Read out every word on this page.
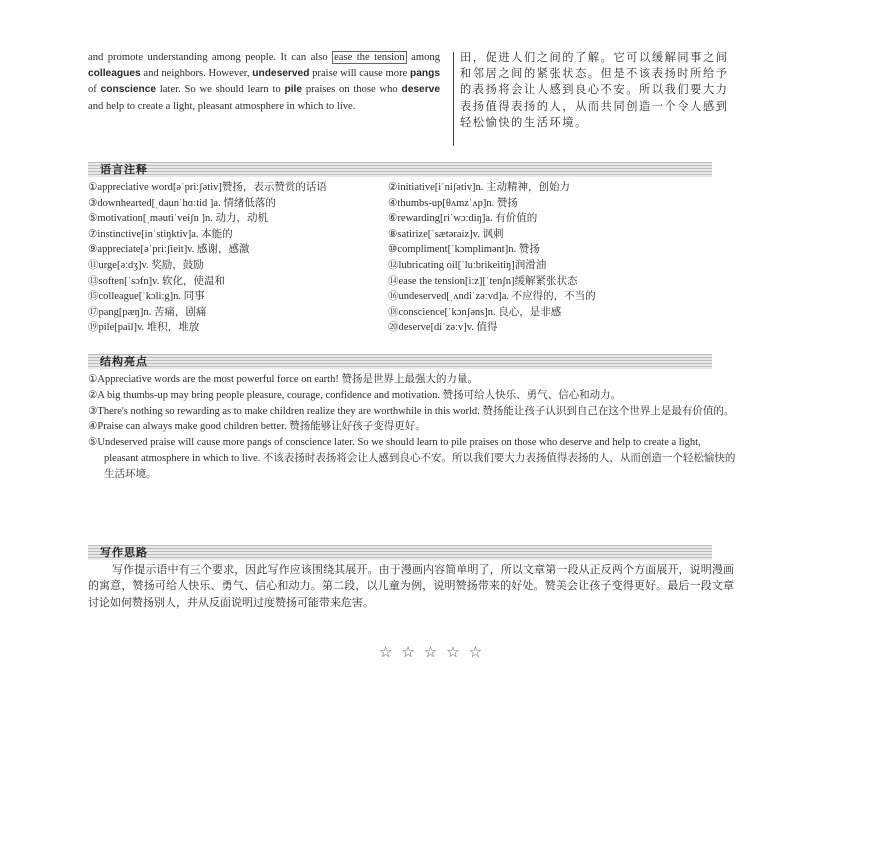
and promote understanding among people. It can also ease the tension among colleagues and neighbors. However, undeserved praise will cause more pangs of conscience later. So we should learn to pile praises on those who deserve and help to create a light, pleasant atmosphere in which to live.

田，促进人们之间的了解。它可以缓解同事之间和邻居之间的紧张状态。但是不该表扬时所给予的表扬将会让人感到良心不安。所以我们要大力表扬值得表扬的人，从而共同创造一个令人感到轻松愉快的生活环境。
语言注释
①appreciative word[əˈpriːʃətiv]赞扬，表示赞赏的话语	②initiative[iˈniʃətiv]n. 主动精神，创始力
③downhearted[ˌdaunˈhɑːtid ]a. 情绪低落的	④thumbs-up[θʌmzˈʌp]n. 赞扬
⑤motivation[ˌməutiˈveiʃn ]n. 动力，动机	⑥rewarding[riˈwɔːdiŋ]a. 有价值的
⑦instinctive[inˈstiŋktiv]a. 本能的	⑧satirize[ˈsætəraiz]v. 讽刺
⑨appreciate[əˈpriːʃieit]v. 感谢，感激	⑩compliment[ˈkɔmplimənt]n. 赞扬
⑪urge[əːdʒ]v. 奖励，鼓励	⑫lubricating oil[ˈluːbrikeitiŋ]润滑油
⑬soften[ˈsɔfn]v. 软化，使温和	⑭ease the tension[iːz][ˈtenʃn]缓解紧张状态
⑮colleague[ˈkɔliːg]n. 同事	⑯undeserved[ˌʌndiˈzəːvd]a. 不应得的，不当的
⑰pang[pæŋ]n. 苦痛，剧痛	⑱conscience[ˈkɔnʃəns]n. 良心，是非感
⑲pile[pail]v. 堆积，堆放	⑳deserve[diˈzəːv]v. 值得
结构亮点

①Appreciative words are the most powerful force on earth! 赞扬是世界上最强大的力量。

②A big thumbs-up may bring people pleasure, courage, confidence and motivation. 赞扬可给人快乐、勇气、信心和动力。

③There's nothing so rewarding as to make children realize they are worthwhile in this world. 赞扬能让孩子认识到自己在这个世界上是最有价值的。

④Praise can always make good children better. 赞扬能够让好孩子变得更好。

⑤Undeserved praise will cause more pangs of conscience later. So we should learn to pile praises on those who deserve and help to create a light, pleasant atmosphere in which to live. 不该表扬时表扬将会让人感到良心不安。所以我们要大力表扬值得表扬的人，从而创造一个轻松愉快的生活环境。

写作思路
写作提示语中有三个要求，因此写作应该围绕其展开。由于漫画内容简单明了，所以文章第一段从正反两个方面展开，说明漫画的寓意，赞扬可给人快乐、勇气、信心和动力。第二段，以儿童为例，说明赞扬带来的好处。赞美会让孩子变得更好。最后一段文章讨论如何赞扬别人，并从反面说明过度赞扬可能带来危害。
☆☆☆☆☆
